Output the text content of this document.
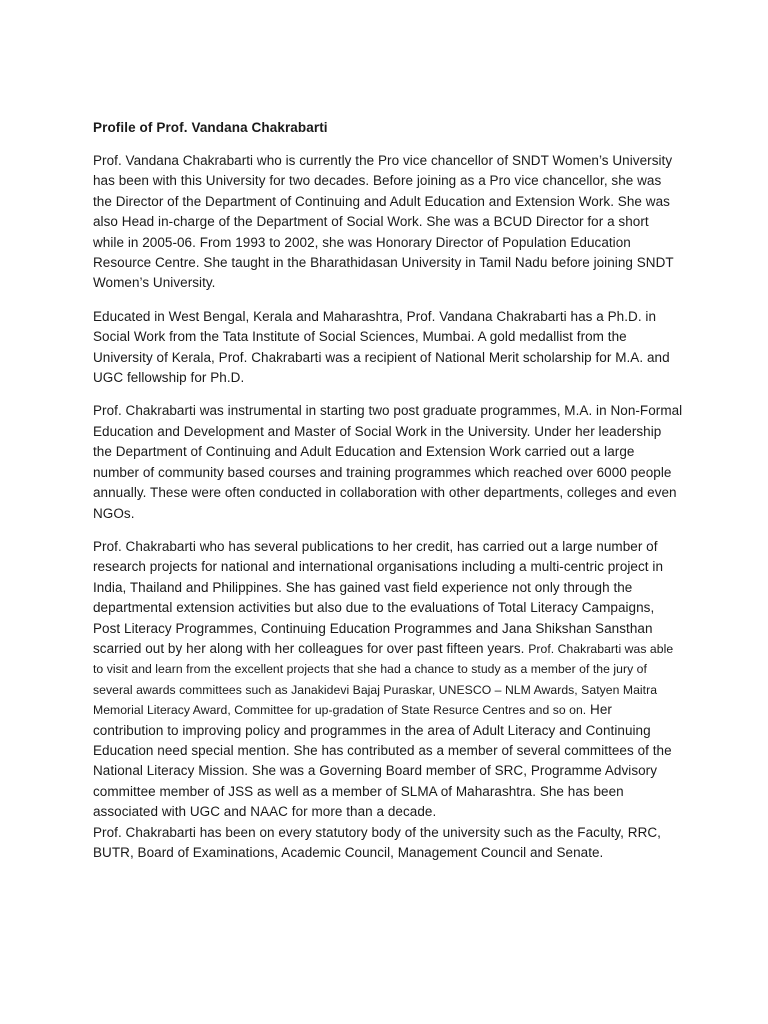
Profile of Prof. Vandana Chakrabarti

Prof. Vandana Chakrabarti who is currently the Pro vice chancellor of SNDT Women’s University has been with this University for two decades. Before joining as a Pro vice chancellor, she was the Director of the Department of Continuing and Adult Education and Extension Work. She was also Head in-charge of the Department of Social Work. She was a BCUD Director for a short while in 2005-06. From 1993 to 2002, she was Honorary Director of Population Education Resource Centre. She taught in the Bharathidasan University in Tamil Nadu before joining SNDT Women’s University.

Educated in West Bengal, Kerala and Maharashtra, Prof. Vandana Chakrabarti has a Ph.D. in Social Work from the Tata Institute of Social Sciences, Mumbai. A gold medallist from the University of Kerala, Prof. Chakrabarti was a recipient of National Merit scholarship for M.A. and UGC fellowship for Ph.D.

Prof. Chakrabarti was instrumental in starting two post graduate programmes, M.A. in Non-Formal Education and Development and Master of Social Work in the University. Under her leadership the Department of Continuing and Adult Education and Extension Work carried out a large number of community based courses and training programmes which reached over 6000 people annually. These were often conducted in collaboration with other departments, colleges and even NGOs.

Prof. Chakrabarti who has several publications to her credit, has carried out a large number of research projects for national and international organisations including a multi-centric project in India, Thailand and Philippines. She has gained vast field experience not only through the departmental extension activities but also due to the evaluations of Total Literacy Campaigns, Post Literacy Programmes, Continuing Education Programmes and Jana Shikshan Sansthan scarried out by her along with her colleagues for over past fifteen years. Prof. Chakrabarti was able to visit and learn from the excellent projects that she had a chance to study as a member of the jury of several awards committees such as Janakidevi Bajaj Puraskar, UNESCO – NLM Awards, Satyen Maitra Memorial Literacy Award, Committee for up-gradation of State Resurce Centres and so on. Her contribution to improving policy and programmes in the area of Adult Literacy and Continuing Education need special mention. She has contributed as a member of several committees of the National Literacy Mission. She was a Governing Board member of SRC, Programme Advisory committee member of JSS as well as a member of SLMA of Maharashtra. She has been associated with UGC and NAAC for more than a decade.

Prof. Chakrabarti has been on every statutory body of the university such as the Faculty, RRC, BUTR, Board of Examinations, Academic Council, Management Council and Senate.
